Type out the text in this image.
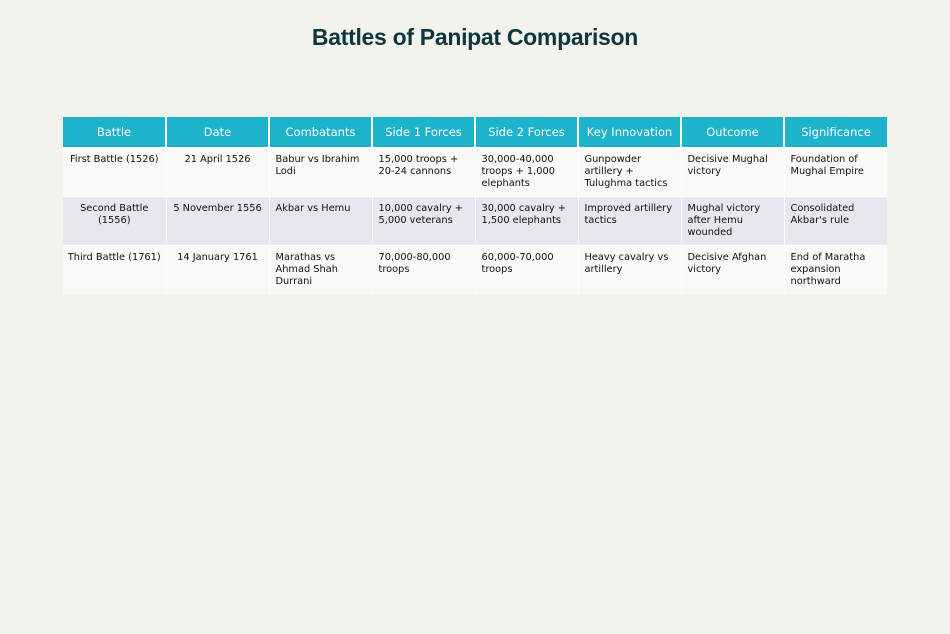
Battles of Panipat Comparison
Battle	Date	Combatants	Side 1 Forces	Side 2 Forces	Key Innovation	Outcome	Significance
First Battle (1526)	21 April 1526	Babur vs Ibrahim Lodi	15,000 troops + 20-24 cannons	30,000-40,000 troops + 1,000 elephants	Gunpowder artillery + Tulughma tactics	Decisive Mughal victory	Foundation of Mughal Empire
Second Battle (1556)	5 November 1556	Akbar vs Hemu	10,000 cavalry + 5,000 veterans	30,000 cavalry + 1,500 elephants	Improved artillery tactics	Mughal victory after Hemu wounded	Consolidated Akbar's rule
Third Battle (1761)	14 January 1761	Marathas vs Ahmad Shah Durrani	70,000-80,000 troops	60,000-70,000 troops	Heavy cavalry vs artillery	Decisive Afghan victory	End of Maratha expansion northward
